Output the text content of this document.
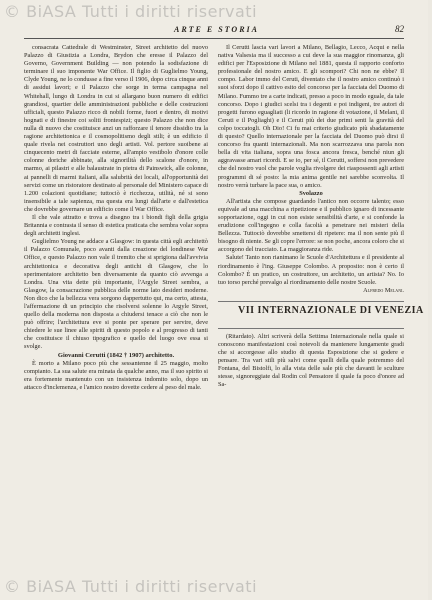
© BiASA Tutti i diritti riservati
ARTE E STORIA	82

consacrata Cattedrale di Westminster, Street architetto del nuovo Palazzo di Giustizia a Londra, Brydon che eresse il Palazzo del Governo, Government Building — non potendo la sodisfazione di terminare il suo imponente War Office. Il figlio di Guglielmo Young, Clyde Young, ne lo condusse a fine verso il 1906, dopo circa cinque anni di assidui lavori; e il Palazzo che sorge in terma campagna nel Whitehall, lungo di Londra in cui si allargano buon numero di edifici grandiosi, quartier delle amministrazioni pubbliche e delle costruzioni ufficiali, questo Palazzo ricco di nobili forme, fuori e dentro, di motivi hognati e di finestre coi soliti frontespizi; questo Palazzo che non dice nulla di nuovo che costituisce anzi un rafforzare il tenore dissidio tra la ragione architettonica e il cosmopolitismo degli stili; è un edificio il quale rivela nei costruttori uno degli artisti. Vol. pertore suoibene ai cinquecento metri di facciate esterne, all'ampio vestibolo d'onore colle colonne doriche abbinate, alla signorilità dello scalone d'onore, in marmo, ai pilastri e alle balaustrate in pietra di Painswick, alle colonne, ai pannelli di marmi italiani, alla salubrità dei locali, all'opportunità dei servizi come un ristoratore destinato al personale del Ministero capace di 1.200 colazioni quotidiane; tuttociò è ricchezza, utilità, né si sono insensibile a tale sapienza, ma questa era lungi dall'arte e dall'estetica che dovrebbe governare un edificio come il War Office.

Il che vale attratto e trova a disegno tra i biondi figli della grigia Britannia e contrasta il senso di estetica praticata che sembra volar sopra degli architetti inglesi.

Guglielmo Young ne addace a Glasgow: in questa città egli architettò il Palazzo Comunale, poco avanti dalla creazione del londinese War Office, e questo Palazzo non vale il tremito che si sprigiona dall'avvivia architettonica e decorativa degli antichi di Glasgow, che lo sperimentatore architetto ben diversamente da quanto ciò avvenga a Londra. Una vita dette più importante, l'Argyle Street sembra, a Glasgow, la consacrazione pubblica delle norme lato desideri moderne. Non dico che la bellezza vera sorgono dappertutto qui, ma certo, attesta, l'affermazione di un principio che risolversi solenne lo Argyle Street, quello della moderna non disposta a chiudersi tenace a ciò che non le può offrire; l'architettura eve si ponte per sperare per servire, deve chiedere le sue linee alle spiriti di questo popolo e al progresso di tanti che costituisce il chiuso tipografico e quello del luogo ove essa si svolge.

Giovanni Cerutti (1842 † 1907) architetto.

È morto a Milano poco più che sessantenne il 25 maggio, molto compianto. La sua salute era minata da qualche anno, ma il suo spirito si era fortemente mantenuto con un insistenza indomito solo, dopo un attacco d'inclemenza, e l'amico nostro dovette cedere al peso del male.

Il Cerutti lascia vari lavori a Milano, Bellagio, Lecco, Acqui e nella nativa Valsesia ma il successo a cui deve la sua maggior rinomanza, gli edifici per l'Esposizione di Milano nel 1881, questa il rapporto conforto professionale del nostro amico. E gli scompori? Chi non ne ebbe? Il compo. Labor immo del Ceruti, diventato che il nostro amico continuò i suoi sforzi dopo il cattivo esito del concorso per la facciata del Duomo di Milano. Fummo tre a carte indicati, presso a poco in modo eguale, da tale concorso. Dopo i giudici scelsi tra i degenti e poi indigeni, tre autori di progetti furono eguagliati (li ricordo in ragione di votazione, il Melani, il Ceruti e il Pogliaghi) e il Ceruti più dei due primi senti la gravità del colpo toccatogli. Oh Dio! Ci fu mai criterio giudicato più sbadatamente di questo? Quello internazionale per la facciata del Duomo può dirsi il concorso fra quanti internazionali. Ma non scarrozzava una parola non bella di vita italiana, sopra una fosca ancora fresca, benché niun gli aggravasse amari ricordi. E se io, per sé, il Cerutti, soffersi non prevedere che del nostro vuol che parole voglia rivolgere dei riaspossenti agli artisti programmi di sé posto: la mia anima gentile nei sarebbe sconvolta. Il nostro verrà turbare la pace sua, o amico.

Svolazzo

All'artista che compose guardando l'antico non occorre talento; esso equivale ad una macchina a ripetizione e il pubblico ignaro di incessante sopportazione, oggi in cui non esiste sensibilità d'arte, e si confonde la erudizione coll'ingegno e colla facoltà a penetrare nei misteri della Bellezza. Tuttociò dovrebbe smettersi di ripetere: ma il non sente più il bisogno di niente. Se gli copre l'errore: se non poche, ancora coloro che si accorgono del tracciato. La maggioranza ride.

Salute! Tanto non rianimano le Scuole d'Architettura e il presidente al riordinamento è l'ing. Giuseppe Colombo. A proposito: non è certo il Colombo? È un pratico, un costruttore, un architetto, un artista? No. Io tuo torso perché prevalgo al riordinamento delle nostre Scuole.

Alfredo Melani.

VII INTERNAZIONALE DI VENEZIA

(Ritardato). Altri scriverà della Settima Internazionale nella quale si conoscono manifestazioni così notevoli da mantenere lungamente gradi che si accorgesse allo studio di questa Esposizione che si godere e pensare. Tra vari stili più salvi come quelli della quale potremmo del Fontana, del Bistolfi, lo alla vista delle sale più che davanti le sculture stesse, signoreggiate dal Rodin col Pensatore il quale fa poco d'onore ad Sa-

© BiASA Tutti i diritti riservati
